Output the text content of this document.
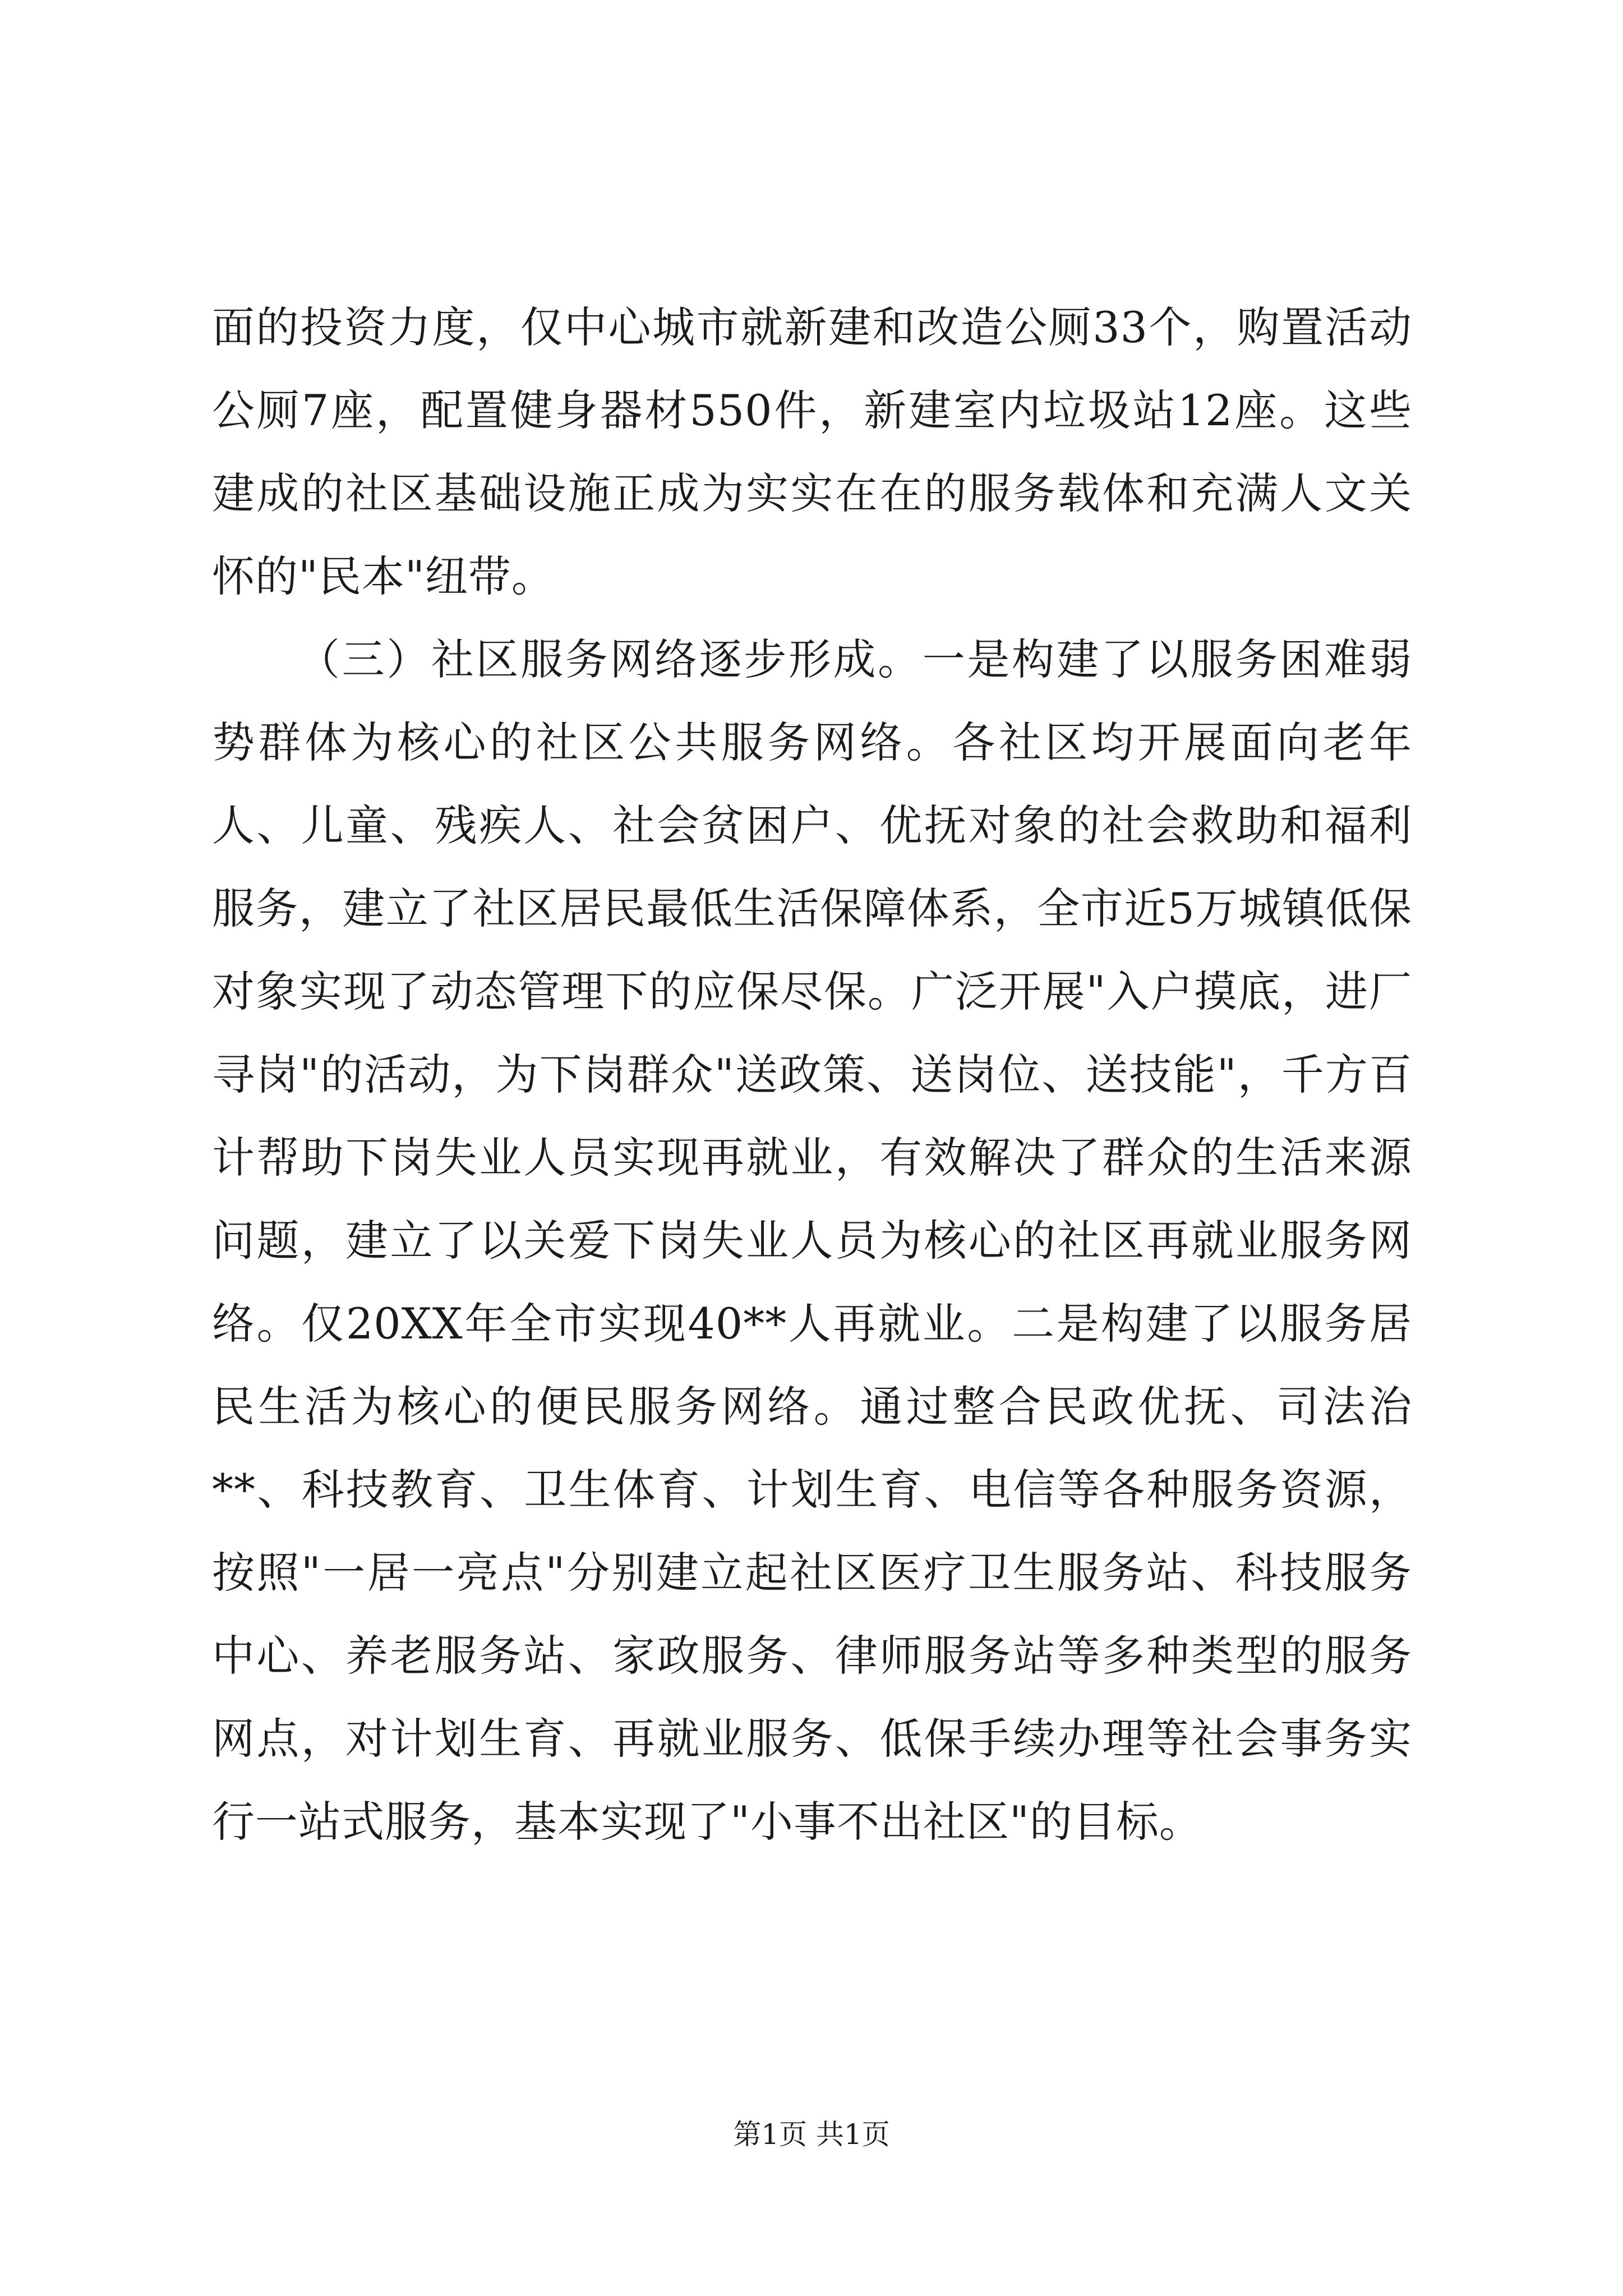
面的投资力度，仅中心城市就新建和改造公厕33个，购置活动公厕7座，配置健身器材550件，新建室内垃圾站12座。这些建成的社区基础设施正成为实实在在的服务载体和充满人文关怀的"民本"纽带。

（三）社区服务网络逐步形成。一是构建了以服务困难弱势群体为核心的社区公共服务网络。各社区均开展面向老年人、儿童、残疾人、社会贫困户、优抚对象的社会救助和福利服务，建立了社区居民最低生活保障体系，全市近5万城镇低保对象实现了动态管理下的应保尽保。广泛开展"入户摸底，进厂寻岗"的活动，为下岗群众"送政策、送岗位、送技能"，千方百计帮助下岗失业人员实现再就业，有效解决了群众的生活来源问题，建立了以关爱下岗失业人员为核心的社区再就业服务网络。仅20XX年全市实现40**人再就业。二是构建了以服务居民生活为核心的便民服务网络。通过整合民政优抚、司法治**、科技教育、卫生体育、计划生育、电信等各种服务资源，按照"一居一亮点"分别建立起社区医疗卫生服务站、科技服务中心、养老服务站、家政服务、律师服务站等多种类型的服务网点，对计划生育、再就业服务、低保手续办理等社会事务实行一站式服务，基本实现了"小事不出社区"的目标。

第1页 共1页
